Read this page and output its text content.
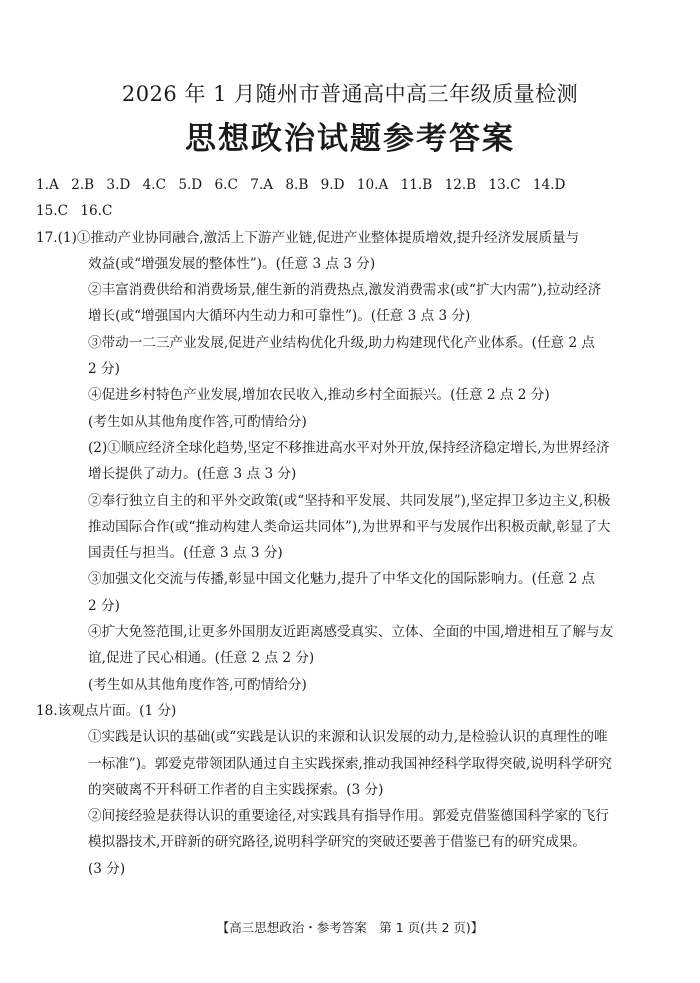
2026 年 1 月随州市普通高中高三年级质量检测
思想政治试题参考答案
1.A 2.B 3.D 4.C 5.D 6.C 7.A 8.B 9.D 10.A 11.B 12.B 13.C 14.D
15.C 16.C
17.(1)①推动产业协同融合,激活上下游产业链,促进产业整体提质增效,提升经济发展质量与
效益(或“增强发展的整体性”)。(任意 3 点 3 分)
②丰富消费供给和消费场景,催生新的消费热点,激发消费需求(或“扩大内需”),拉动经济
增长(或“增强国内大循环内生动力和可靠性”)。(任意 3 点 3 分)
③带动一二三产业发展,促进产业结构优化升级,助力构建现代化产业体系。(任意 2 点
2 分)
④促进乡村特色产业发展,增加农民收入,推动乡村全面振兴。(任意 2 点 2 分)
(考生如从其他角度作答,可酌情给分)
(2)①顺应经济全球化趋势,坚定不移推进高水平对外开放,保持经济稳定增长,为世界经济
增长提供了动力。(任意 3 点 3 分)
②奉行独立自主的和平外交政策(或“坚持和平发展、共同发展”),坚定捍卫多边主义,积极
推动国际合作(或“推动构建人类命运共同体”),为世界和平与发展作出积极贡献,彰显了大
国责任与担当。(任意 3 点 3 分)
③加强文化交流与传播,彰显中国文化魅力,提升了中华文化的国际影响力。(任意 2 点
2 分)
④扩大免签范围,让更多外国朋友近距离感受真实、立体、全面的中国,增进相互了解与友
谊,促进了民心相通。(任意 2 点 2 分)
(考生如从其他角度作答,可酌情给分)
18.该观点片面。(1 分)
①实践是认识的基础(或“实践是认识的来源和认识发展的动力,是检验认识的真理性的唯
一标准”)。郭爱克带领团队通过自主实践探索,推动我国神经科学取得突破,说明科学研究
的突破离不开科研工作者的自主实践探索。(3 分)
②间接经验是获得认识的重要途径,对实践具有指导作用。郭爱克借鉴德国科学家的飞行
模拟器技术,开辟新的研究路径,说明科学研究的突破还要善于借鉴已有的研究成果。
(3 分)
【高三思想政治・参考答案　第 1 页(共 2 页)】
